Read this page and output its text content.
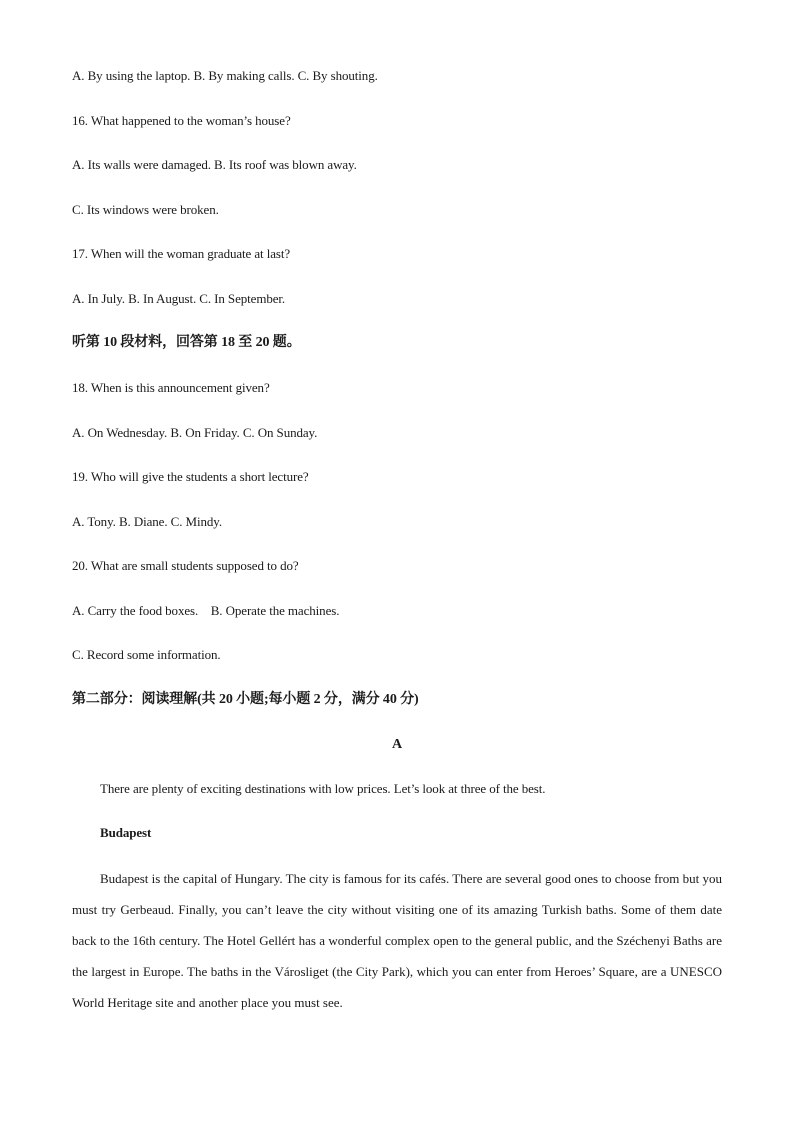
A. By using the laptop. B. By making calls. C. By shouting.
16. What happened to the woman’s house?
A. Its walls were damaged. B. Its roof was blown away.
C. Its windows were broken.
17. When will the woman graduate at last?
A. In July. B. In August. C. In September.
听第 10 段材料，回答第 18 至 20 题。
18. When is this announcement given?
A. On Wednesday. B. On Friday. C. On Sunday.
19. Who will give the students a short lecture?
A. Tony. B. Diane. C. Mindy.
20. What are small students supposed to do?
A. Carry the food boxes.    B. Operate the machines.
C. Record some information.
第二部分：阅读理解(共 20 小题;每小题 2 分，满分 40 分)
A
There are plenty of exciting destinations with low prices. Let’s look at three of the best.
Budapest
Budapest is the capital of Hungary. The city is famous for its cafés. There are several good ones to choose from but you must try Gerbeaud. Finally, you can’t leave the city without visiting one of its amazing Turkish baths. Some of them date back to the 16th century. The Hotel Gellért has a wonderful complex open to the general public, and the Széchenyi Baths are the largest in Europe. The baths in the Városliget (the City Park), which you can enter from Heroes’ Square, are a UNESCO World Heritage site and another place you must see.
